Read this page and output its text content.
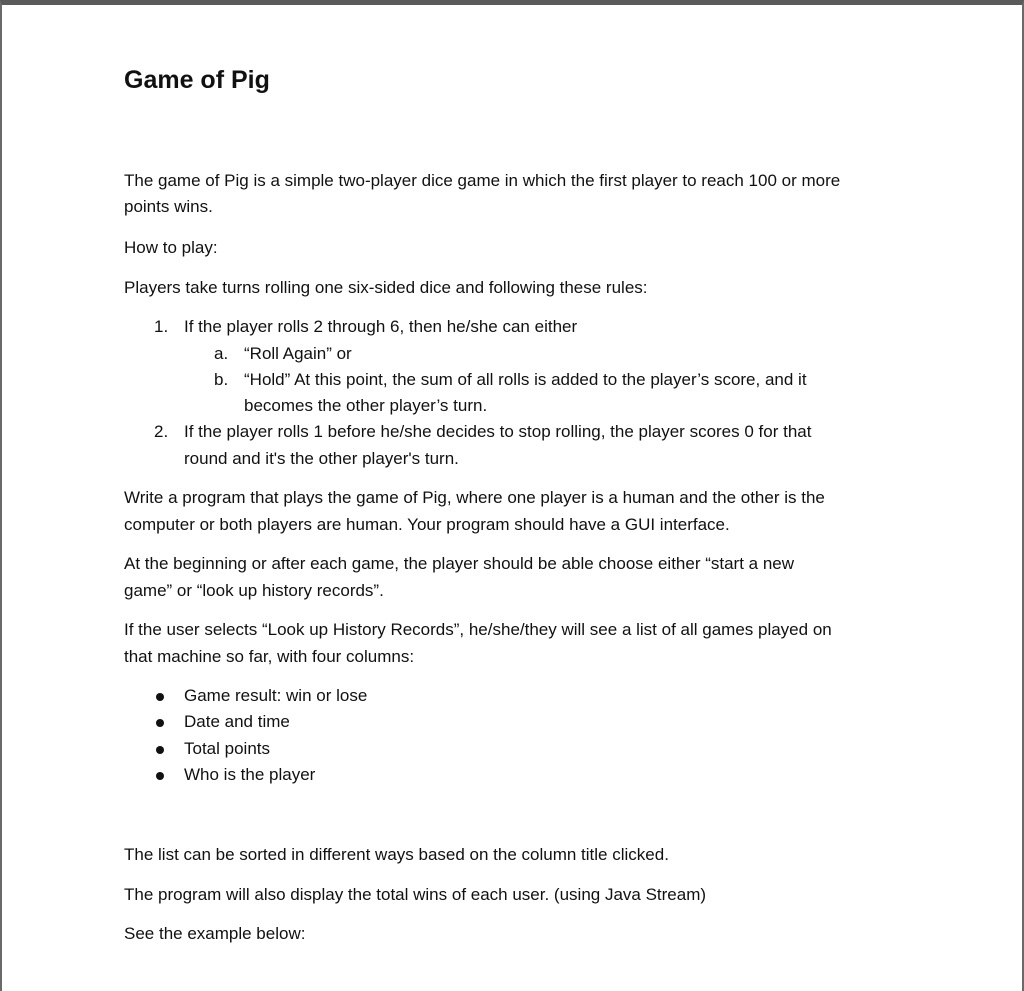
Game of Pig
The game of Pig is a simple two-player dice game in which the first player to reach 100 or more
points wins.
How to play:
Players take turns rolling one six-sided dice and following these rules:
1. If the player rolls 2 through 6, then he/she can either
a. “Roll Again” or
b. “Hold” At this point, the sum of all rolls is added to the player’s score, and it
becomes the other player’s turn.
2. If the player rolls 1 before he/she decides to stop rolling, the player scores 0 for that
round and it's the other player's turn.
Write a program that plays the game of Pig, where one player is a human and the other is the
computer or both players are human. Your program should have a GUI interface.
At the beginning or after each game, the player should be able choose either “start a new
game” or “look up history records”.
If the user selects “Look up History Records”, he/she/they will see a list of all games played on
that machine so far, with four columns:
Game result: win or lose
Date and time
Total points
Who is the player
The list can be sorted in different ways based on the column title clicked.
The program will also display the total wins of each user. (using Java Stream)
See the example below:
